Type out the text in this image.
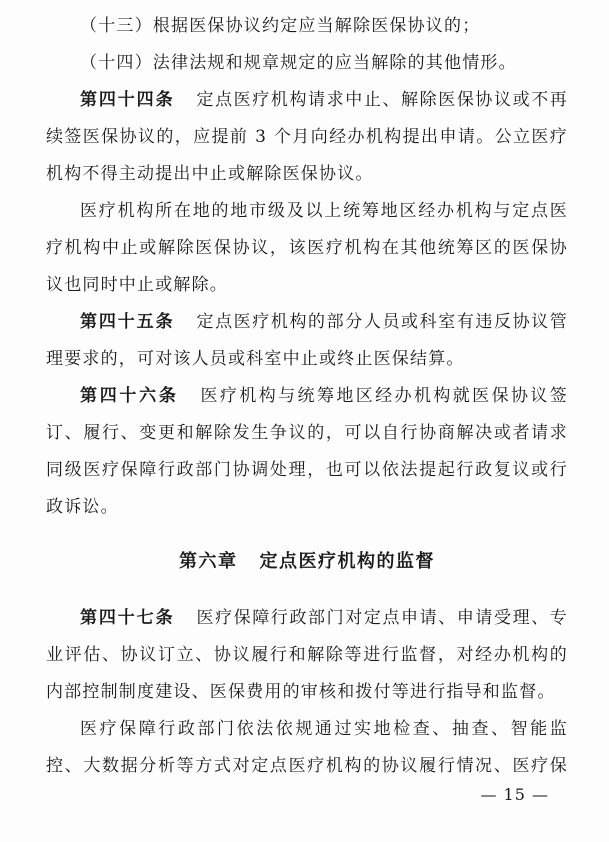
（十三）根据医保协议约定应当解除医保协议的；
（十四）法律法规和规章规定的应当解除的其他情形。
第四十四条 定点医疗机构请求中止、解除医保协议或不再
续签医保协议的，应提前 3 个月向经办机构提出申请。公立医疗
机构不得主动提出中止或解除医保协议。
医疗机构所在地的地市级及以上统筹地区经办机构与定点医
疗机构中止或解除医保协议，该医疗机构在其他统筹区的医保协
议也同时中止或解除。
第四十五条 定点医疗机构的部分人员或科室有违反协议管
理要求的，可对该人员或科室中止或终止医保结算。
第四十六条 医疗机构与统筹地区经办机构就医保协议签
订、履行、变更和解除发生争议的，可以自行协商解决或者请求
同级医疗保障行政部门协调处理，也可以依法提起行政复议或行
政诉讼。
第六章 定点医疗机构的监督
第四十七条 医疗保障行政部门对定点申请、申请受理、专
业评估、协议订立、协议履行和解除等进行监督，对经办机构的
内部控制制度建设、医保费用的审核和拨付等进行指导和监督。
医疗保障行政部门依法依规通过实地检查、抽查、智能监
控、大数据分析等方式对定点医疗机构的协议履行情况、医疗保
— 15 —
